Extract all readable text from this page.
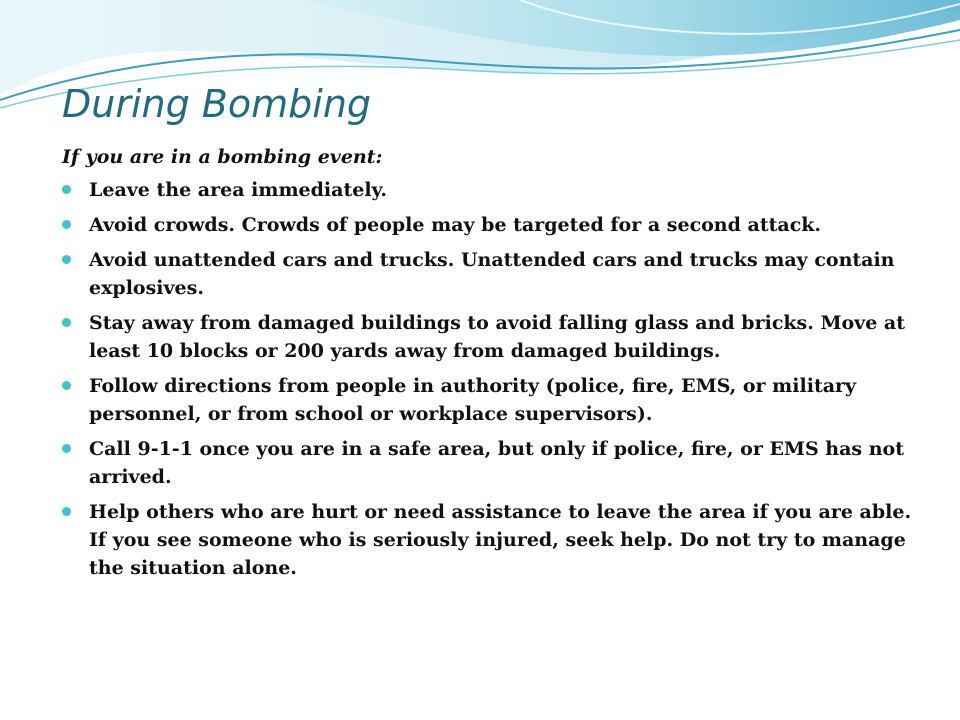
During Bombing

If you are in a bombing event:

Leave the area immediately.
Avoid crowds. Crowds of people may be targeted for a second attack.
Avoid unattended cars and trucks. Unattended cars and trucks may contain explosives.
Stay away from damaged buildings to avoid falling glass and bricks. Move at least 10 blocks or 200 yards away from damaged buildings.
Follow directions from people in authority (police, fire, EMS, or military personnel, or from school or workplace supervisors).
Call 9-1-1 once you are in a safe area, but only if police, fire, or EMS has not arrived.
Help others who are hurt or need assistance to leave the area if you are able. If you see someone who is seriously injured, seek help. Do not try to manage the situation alone.
